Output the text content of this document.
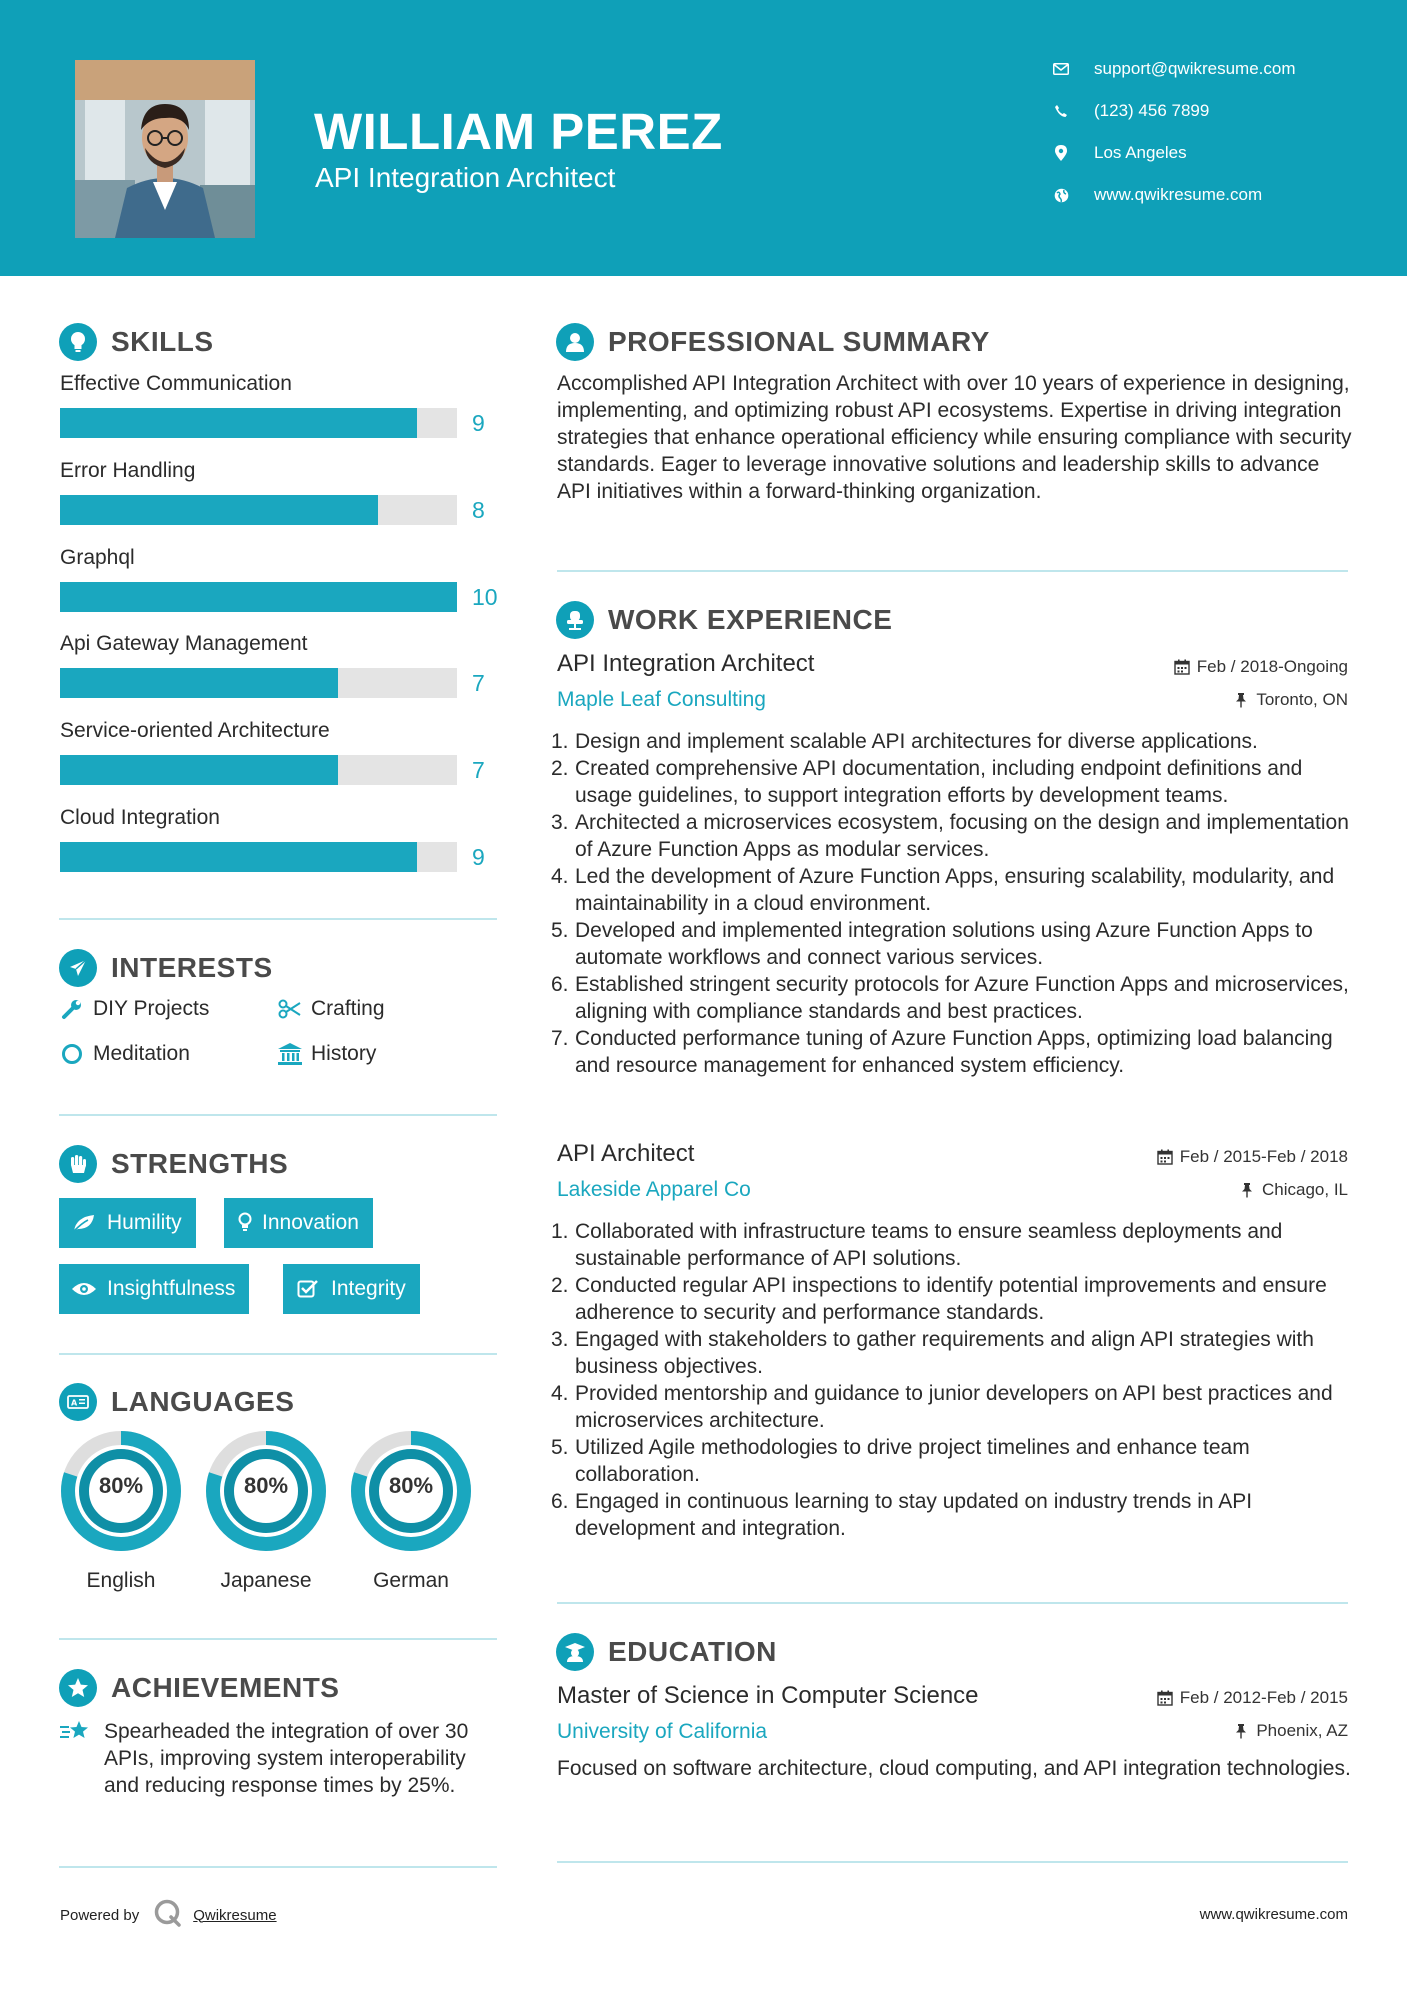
WILLIAM PEREZ
API Integration Architect
support@qwikresume.com
(123) 456 7899
Los Angeles
www.qwikresume.com
SKILLS
Effective Communication
9
Error Handling
8
Graphql
10
Api Gateway Management
7
Service-oriented Architecture
7
Cloud Integration
9
INTERESTS
DIY Projects	Crafting
Meditation	History
STRENGTHS
Humility	Innovation
Insightfulness	Integrity
A LANGUAGES
80%
English
80%
Japanese
80%
German
ACHIEVEMENTS
Spearheaded the integration of over 30 APIs, improving system interoperability and reducing response times by 25%.
PROFESSIONAL SUMMARY
Accomplished API Integration Architect with over 10 years of experience in designing, implementing, and optimizing robust API ecosystems. Expertise in driving integration strategies that enhance operational efficiency while ensuring compliance with security standards. Eager to leverage innovative solutions and leadership skills to advance API initiatives within a forward-thinking organization.
WORK EXPERIENCE
API Integration Architect	Feb / 2018-Ongoing
Maple Leaf Consulting	Toronto, ON
1. Design and implement scalable API architectures for diverse applications.
2. Created comprehensive API documentation, including endpoint definitions and usage guidelines, to support integration efforts by development teams.
3. Architected a microservices ecosystem, focusing on the design and implementation of Azure Function Apps as modular services.
4. Led the development of Azure Function Apps, ensuring scalability, modularity, and maintainability in a cloud environment.
5. Developed and implemented integration solutions using Azure Function Apps to automate workflows and connect various services.
6. Established stringent security protocols for Azure Function Apps and microservices, aligning with compliance standards and best practices.
7. Conducted performance tuning of Azure Function Apps, optimizing load balancing and resource management for enhanced system efficiency.
API Architect	Feb / 2015-Feb / 2018
Lakeside Apparel Co	Chicago, IL
1. Collaborated with infrastructure teams to ensure seamless deployments and sustainable performance of API solutions.
2. Conducted regular API inspections to identify potential improvements and ensure adherence to security and performance standards.
3. Engaged with stakeholders to gather requirements and align API strategies with business objectives.
4. Provided mentorship and guidance to junior developers on API best practices and microservices architecture.
5. Utilized Agile methodologies to drive project timelines and enhance team collaboration.
6. Engaged in continuous learning to stay updated on industry trends in API development and integration.
EDUCATION
Master of Science in Computer Science	Feb / 2012-Feb / 2015
University of California	Phoenix, AZ
Focused on software architecture, cloud computing, and API integration technologies.
Powered by	Qwikresume	www.qwikresume.com
